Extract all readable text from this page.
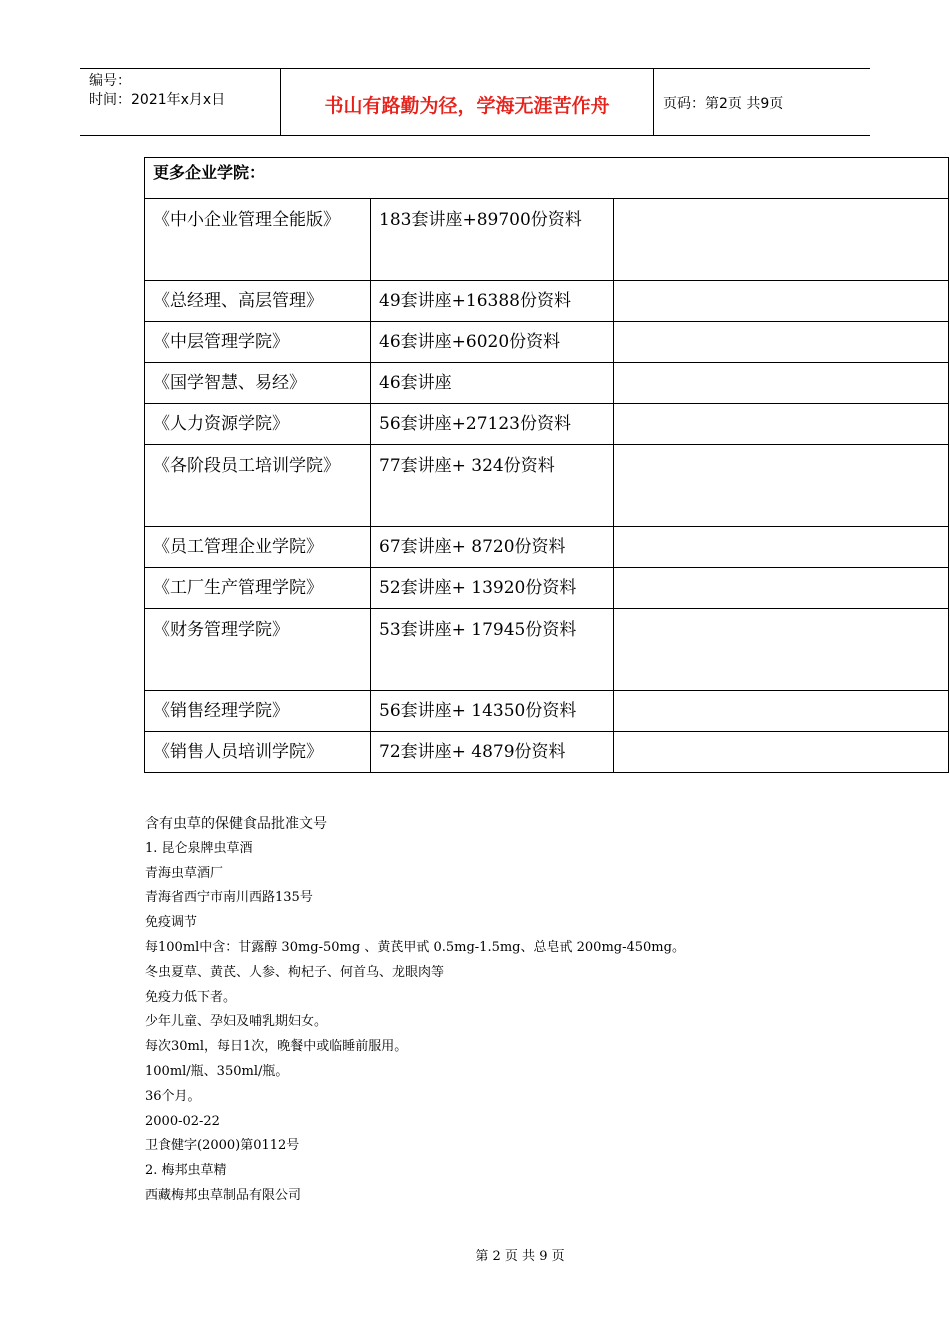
编号：
时间：2021年x月x日	书山有路勤为径，学海无涯苦作舟	页码：第2页 共9页
更多企业学院：		
《中小企业管理全能版》	183套讲座+89700份资料	
《总经理、高层管理》	49套讲座+16388份资料	
《中层管理学院》	46套讲座+6020份资料	
《国学智慧、易经》	46套讲座	
《人力资源学院》	56套讲座+27123份资料	
《各阶段员工培训学院》	77套讲座+ 324份资料	
《员工管理企业学院》	67套讲座+ 8720份资料	
《工厂生产管理学院》	52套讲座+ 13920份资料	
《财务管理学院》	53套讲座+ 17945份资料	
《销售经理学院》	56套讲座+ 14350份资料	
《销售人员培训学院》	72套讲座+ 4879份资料	
含有虫草的保健食品批准文号
1. 昆仑泉牌虫草酒
青海虫草酒厂
青海省西宁市南川西路135号
免疫调节
每100ml中含：甘露醇 30mg-50mg 、黄芪甲甙 0.5mg-1.5mg、总皂甙 200mg-450mg。
冬虫夏草、黄芪、人参、枸杞子、何首乌、龙眼肉等
免疫力低下者。
少年儿童、孕妇及哺乳期妇女。
每次30ml，每日1次，晚餐中或临睡前服用。
100ml/瓶、350ml/瓶。
36个月。
2000-02-22
卫食健字(2000)第0112号
2. 梅邦虫草精
西藏梅邦虫草制品有限公司
第 2 页 共 9 页
